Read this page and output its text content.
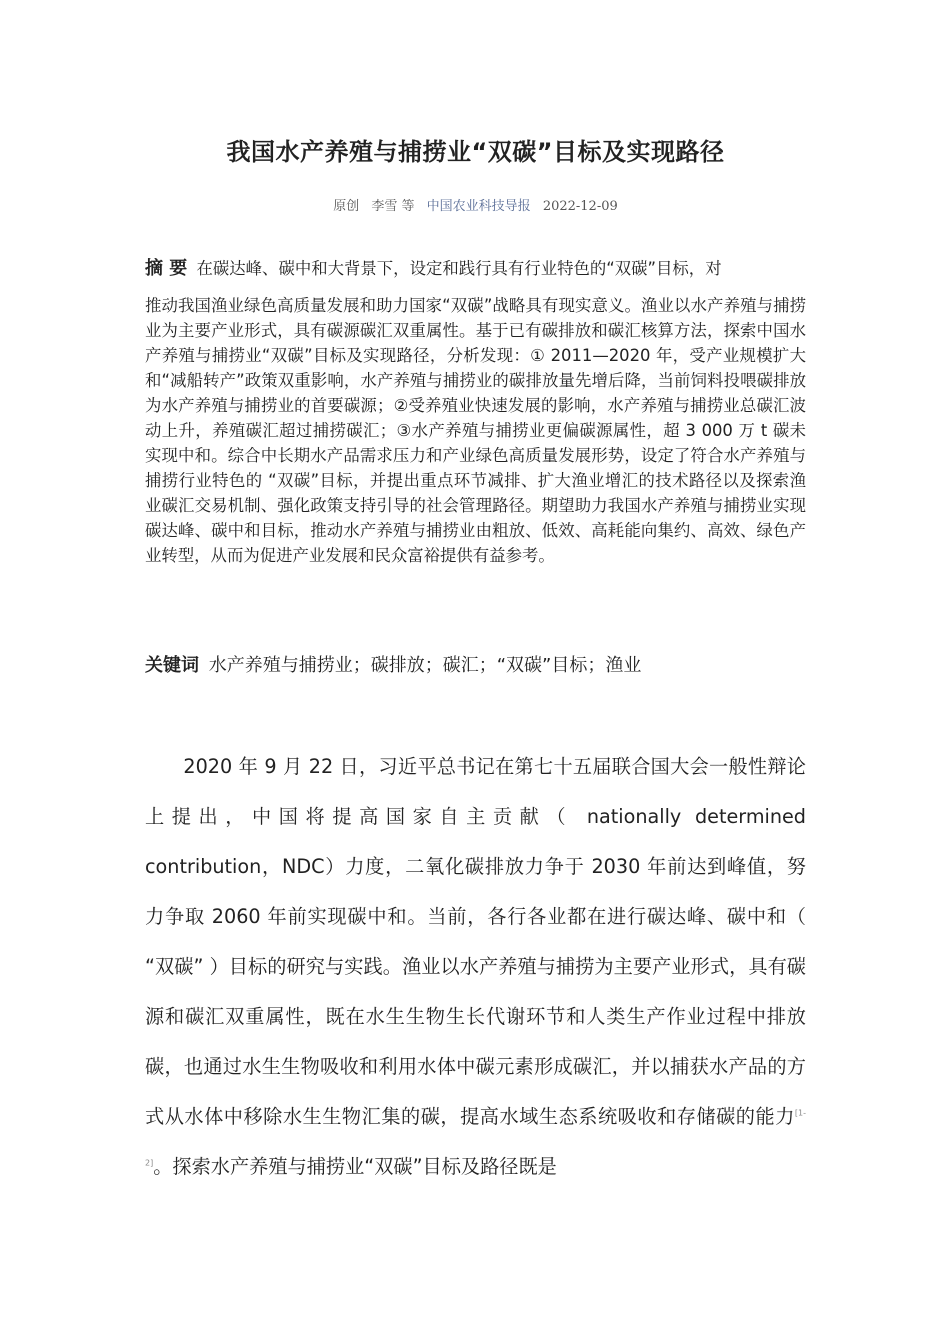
我国水产养殖与捕捞业“双碳”目标及实现路径
原创 李雪 等 中国农业科技导报 2022-12-09
摘 要 在碳达峰、碳中和大背景下，设定和践行具有行业特色的“双碳”目标，对
推动我国渔业绿色高质量发展和助力国家“双碳”战略具有现实意义。渔业以水产养殖与捕捞业为主要产业形式，具有碳源碳汇双重属性。基于已有碳排放和碳汇核算方法，探索中国水产养殖与捕捞业“双碳”目标及实现路径，分析发现：① 2011—2020 年，受产业规模扩大和“减船转产”政策双重影响，水产养殖与捕捞业的碳排放量先增后降，当前饲料投喂碳排放为水产养殖与捕捞业的首要碳源；②受养殖业快速发展的影响，水产养殖与捕捞业总碳汇波动上升，养殖碳汇超过捕捞碳汇；③水产养殖与捕捞业更偏碳源属性，超 3 000 万 t 碳未实现中和。综合中长期水产品需求压力和产业绿色高质量发展形势，设定了符合水产养殖与捕捞行业特色的 “双碳”目标，并提出重点环节减排、扩大渔业增汇的技术路径以及探索渔业碳汇交易机制、强化政策支持引导的社会管理路径。期望助力我国水产养殖与捕捞业实现碳达峰、碳中和目标，推动水产养殖与捕捞业由粗放、低效、高耗能向集约、高效、绿色产业转型，从而为促进产业发展和民众富裕提供有益参考。
关键词 水产养殖与捕捞业；碳排放；碳汇；“双碳”目标；渔业

2020 年 9 月 22 日，习近平总书记在第七十五届联合国大会一般性辩论上提出，中国将提高国家自主贡献（ nationally determined contribution，NDC）力度，二氧化碳排放力争于 2030 年前达到峰值，努力争取 2060 年前实现碳中和。当前，各行各业都在进行碳达峰、碳中和（ “双碳” ）目标的研究与实践。渔业以水产养殖与捕捞为主要产业形式，具有碳源和碳汇双重属性，既在水生生物生长代谢环节和人类生产作业过程中排放碳，也通过水生生物吸收和利用水体中碳元素形成碳汇，并以捕获水产品的方式从水体中移除水生生物汇集的碳，提高水域生态系统吸收和存储碳的能力[1-2]。探索水产养殖与捕捞业“双碳”目标及路径既是
